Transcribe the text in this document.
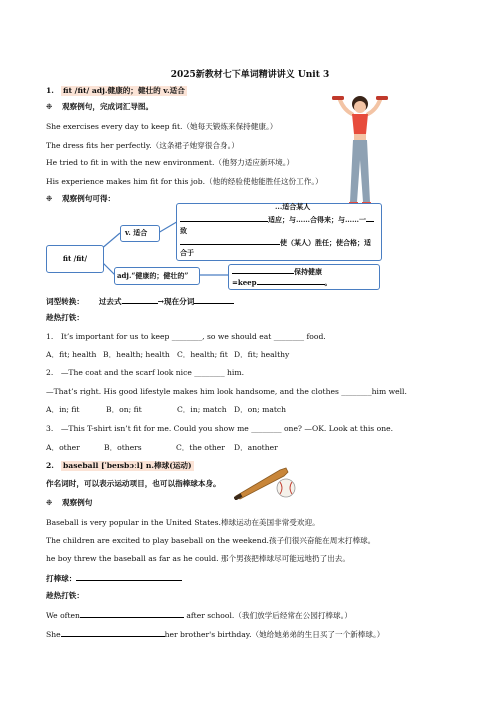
2025新教材七下单词精讲讲义 Unit 3
1. fit /fit/ adj.健康的；健壮的 v.适合
❉ 观察例句，完成词汇导图。
She exercises every day to keep fit.（她每天锻炼来保持健康。）
The dress fits her perfectly.（这条裙子她穿很合身。）
He tried to fit in with the new environment.（他努力适应新环境。）
His experience makes him fit for this job.（他的经验使他能胜任这份工作。）
❉ 观察例句可得：
fit /fit/
v. 适合
...适合某人
适应；与……合得来；与……一
致
使（某人）胜任；使合格；适
合于
adj.“健康的；健壮的”	保持健康
=keep	。
词型转换： 过去式	→现在分词
趁热打铁：
1.　It’s important for us to keep ________, so we should eat ________ food.
A．fit; health B．health; health C．health; fit D．fit; healthy
2.　—The coat and the scarf look nice ________ him.
—That’s right. His good lifestyle makes him look handsome, and the clothes ________him well.
A．in; fit	B．on; fit	C．in; match D．on; match
3.　—This T-shirt isn’t fit for me. Could you show me ________ one? —OK. Look at this one.
A．other	B．others	C．the other D．another
2. baseball [ˈbeɪsbɔːl] n.棒球(运动)
作名词时，可以表示运动项目，也可以指棒球本身。
❉ 观察例句
Baseball is very popular in the United States.棒球运动在美国非常受欢迎。
The children are excited to play baseball on the weekend.孩子们很兴奋能在周末打棒球。
he boy threw the baseball as far as he could. 那个男孩把棒球尽可能远地扔了出去。
打棒球：
趁热打铁：
We often	after school.（我们放学后经常在公园打棒球。）
She	her brother's birthday.（她给她弟弟的生日买了一个新棒球。）
